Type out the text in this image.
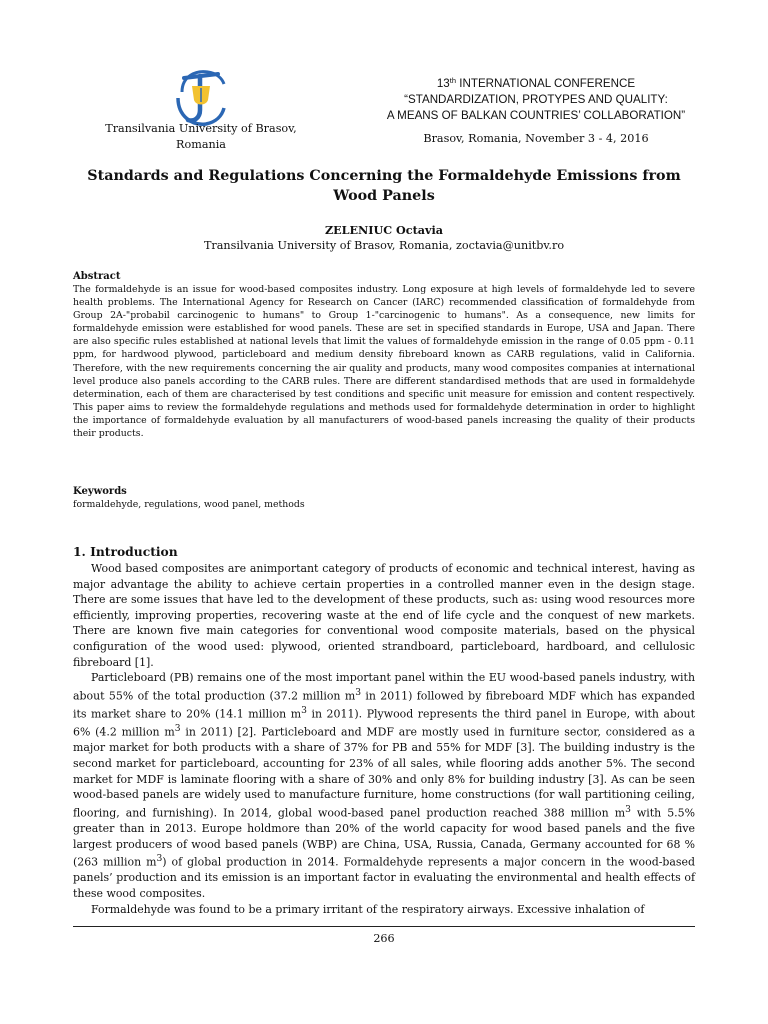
Transilvania University of Brasov,
Romania
13th INTERNATIONAL CONFERENCE
“STANDARDIZATION, PROTYPES AND QUALITY:
A MEANS OF BALKAN COUNTRIES’ COLLABORATION”
Brasov, Romania, November 3 - 4, 2016
Standards and Regulations Concerning the Formaldehyde Emissions from
Wood Panels
ZELENIUC Octavia
Transilvania University of Brasov, Romania, zoctavia@unitbv.ro
Abstract
The formaldehyde is an issue for wood-based composites industry. Long exposure at high levels of formaldehyde led to severe health problems. The International Agency for Research on Cancer (IARC) recommended classification of formaldehyde from Group 2A-"probabil carcinogenic to humans" to Group 1-"carcinogenic to humans". As a consequence, new limits for formaldehyde emission were established for wood panels. These are set in specified standards in Europe, USA and Japan. There are also specific rules established at national levels that limit the values of formaldehyde emission in the range of 0.05 ppm - 0.11 ppm, for hardwood plywood, particleboard and medium density fibreboard known as CARB regulations, valid in California. Therefore, with the new requirements concerning the air quality and products, many wood composites companies at international level produce also panels according to the CARB rules. There are different standardised methods that are used in formaldehyde determination, each of them are characterised by test conditions and specific unit measure for emission and content respectively. This paper aims to review the formaldehyde regulations and methods used for formaldehyde determination in order to highlight the importance of formaldehyde evaluation by all manufacturers of wood-based panels increasing the quality of their products their products.
Keywords
formaldehyde, regulations, wood panel, methods
1. Introduction

Wood based composites are animportant category of products of economic and technical interest, having as major advantage the ability to achieve certain properties in a controlled manner even in the design stage. There are some issues that have led to the development of these products, such as: using wood resources more efficiently, improving properties, recovering waste at the end of life cycle and the conquest of new markets. There are known five main categories for conventional wood composite materials, based on the physical configuration of the wood used: plywood, oriented strandboard, particleboard, hardboard, and cellulosic fibreboard [1].

Particleboard (PB) remains one of the most important panel within the EU wood-based panels industry, with about 55% of the total production (37.2 million $m^3$ in 2011) followed by fibreboard MDF which has expanded its market share to 20% (14.1 million $m^3$ in 2011). Plywood represents the third panel in Europe, with about 6% (4.2 million $m^3$ in 2011) [2]. Particleboard and MDF are mostly used in furniture sector, considered as a major market for both products with a share of 37% for PB and 55% for MDF [3]. The building industry is the second market for particleboard, accounting for 23% of all sales, while flooring adds another 5%. The second market for MDF is laminate flooring with a share of 30% and only 8% for building industry [3]. As can be seen wood-based panels are widely used to manufacture furniture, home constructions (for wall partitioning ceiling, flooring, and furnishing). In 2014, global wood-based panel production reached 388 million $m^3$ with 5.5% greater than in 2013. Europe holdmore than 20% of the world capacity for wood based panels and the five largest producers of wood based panels (WBP) are China, USA, Russia, Canada, Germany accounted for 68 % (263 million $m^3$) of global production in 2014. Formaldehyde represents a major concern in the wood-based panels’ production and its emission is an important factor in evaluating the environmental and health effects of these wood composites.

Formaldehyde was found to be a primary irritant of the respiratory airways. Excessive inhalation of

266
